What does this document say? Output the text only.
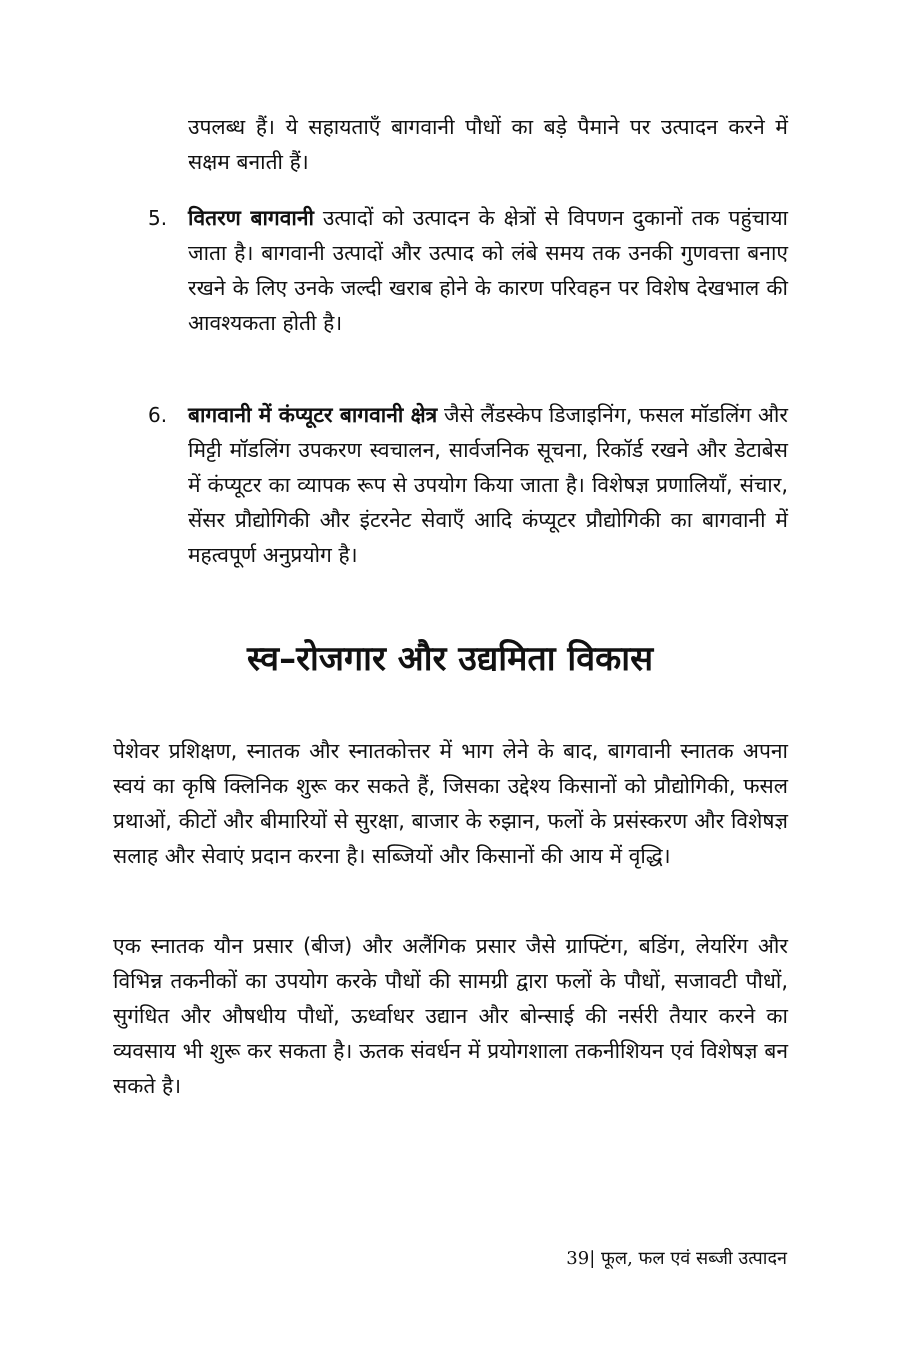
उपलब्ध हैं। ये सहायताएँ बागवानी पौधों का बड़े पैमाने पर उत्पादन करने में सक्षम बनाती हैं।

5. वितरण बागवानी उत्पादों को उत्पादन के क्षेत्रों से विपणन दुकानों तक पहुंचाया जाता है। बागवानी उत्पादों और उत्पाद को लंबे समय तक उनकी गुणवत्ता बनाए रखने के लिए उनके जल्दी खराब होने के कारण परिवहन पर विशेष देखभाल की आवश्यकता होती है।
6. बागवानी में कंप्यूटर बागवानी क्षेत्र जैसे लैंडस्केप डिजाइनिंग, फसल मॉडलिंग और मिट्टी मॉडलिंग उपकरण स्वचालन, सार्वजनिक सूचना, रिकॉर्ड रखने और डेटाबेस में कंप्यूटर का व्यापक रूप से उपयोग किया जाता है। विशेषज्ञ प्रणालियाँ, संचार, सेंसर प्रौद्योगिकी और इंटरनेट सेवाएँ आदि कंप्यूटर प्रौद्योगिकी का बागवानी में महत्वपूर्ण अनुप्रयोग है।
स्व–रोजगार और उद्यमिता विकास

पेशेवर प्रशिक्षण, स्नातक और स्नातकोत्तर में भाग लेने के बाद, बागवानी स्नातक अपना स्वयं का कृषि क्लिनिक शुरू कर सकते हैं, जिसका उद्देश्य किसानों को प्रौद्योगिकी, फसल प्रथाओं, कीटों और बीमारियों से सुरक्षा, बाजार के रुझान, फलों के प्रसंस्करण और विशेषज्ञ सलाह और सेवाएं प्रदान करना है। सब्जियों और किसानों की आय में वृद्धि।

एक स्नातक यौन प्रसार (बीज) और अलैंगिक प्रसार जैसे ग्राफ्टिंग, बडिंग, लेयरिंग और विभिन्न तकनीकों का उपयोग करके पौधों की सामग्री द्वारा फलों के पौधों, सजावटी पौधों, सुगंधित और औषधीय पौधों, ऊर्ध्वाधर उद्यान और बोन्साई की नर्सरी तैयार करने का व्यवसाय भी शुरू कर सकता है। ऊतक संवर्धन में प्रयोगशाला तकनीशियन एवं विशेषज्ञ बन सकते है।

39| फूल, फल एवं सब्जी उत्पादन
